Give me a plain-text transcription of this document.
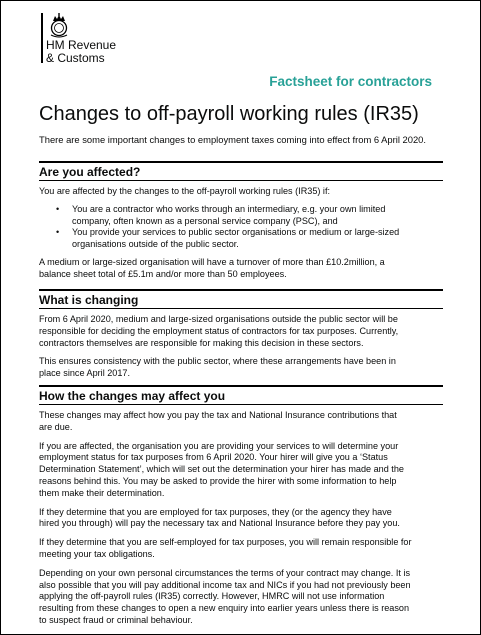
HM Revenue
& Customs
Factsheet for contractors
Changes to off-payroll working rules (IR35)
There are some important changes to employment taxes coming into effect from 6 April 2020.
Are you affected?

You are affected by the changes to the off-payroll working rules (IR35) if:

• You are a contractor who works through an intermediary, e.g. your own limited
company, often known as a personal service company (PSC), and
• You provide your services to public sector organisations or medium or large-sized
organisations outside of the public sector.
A medium or large-sized organisation will have a turnover of more than £10.2million, a
balance sheet total of £5.1m and/or more than 50 employees.
What is changing
From 6 April 2020, medium and large-sized organisations outside the public sector will be
responsible for deciding the employment status of contractors for tax purposes. Currently,
contractors themselves are responsible for making this decision in these sectors.
This ensures consistency with the public sector, where these arrangements have been in
place since April 2017.
How the changes may affect you
These changes may affect how you pay the tax and National Insurance contributions that
are due.
If you are affected, the organisation you are providing your services to will determine your
employment status for tax purposes from 6 April 2020. Your hirer will give you a ‘Status
Determination Statement’, which will set out the determination your hirer has made and the
reasons behind this. You may be asked to provide the hirer with some information to help
them make their determination.
If they determine that you are employed for tax purposes, they (or the agency they have
hired you through) will pay the necessary tax and National Insurance before they pay you.
If they determine that you are self-employed for tax purposes, you will remain responsible for
meeting your tax obligations.
Depending on your own personal circumstances the terms of your contract may change. It is
also possible that you will pay additional income tax and NICs if you had not previously been
applying the off-payroll rules (IR35) correctly. However, HMRC will not use information
resulting from these changes to open a new enquiry into earlier years unless there is reason
to suspect fraud or criminal behaviour.
